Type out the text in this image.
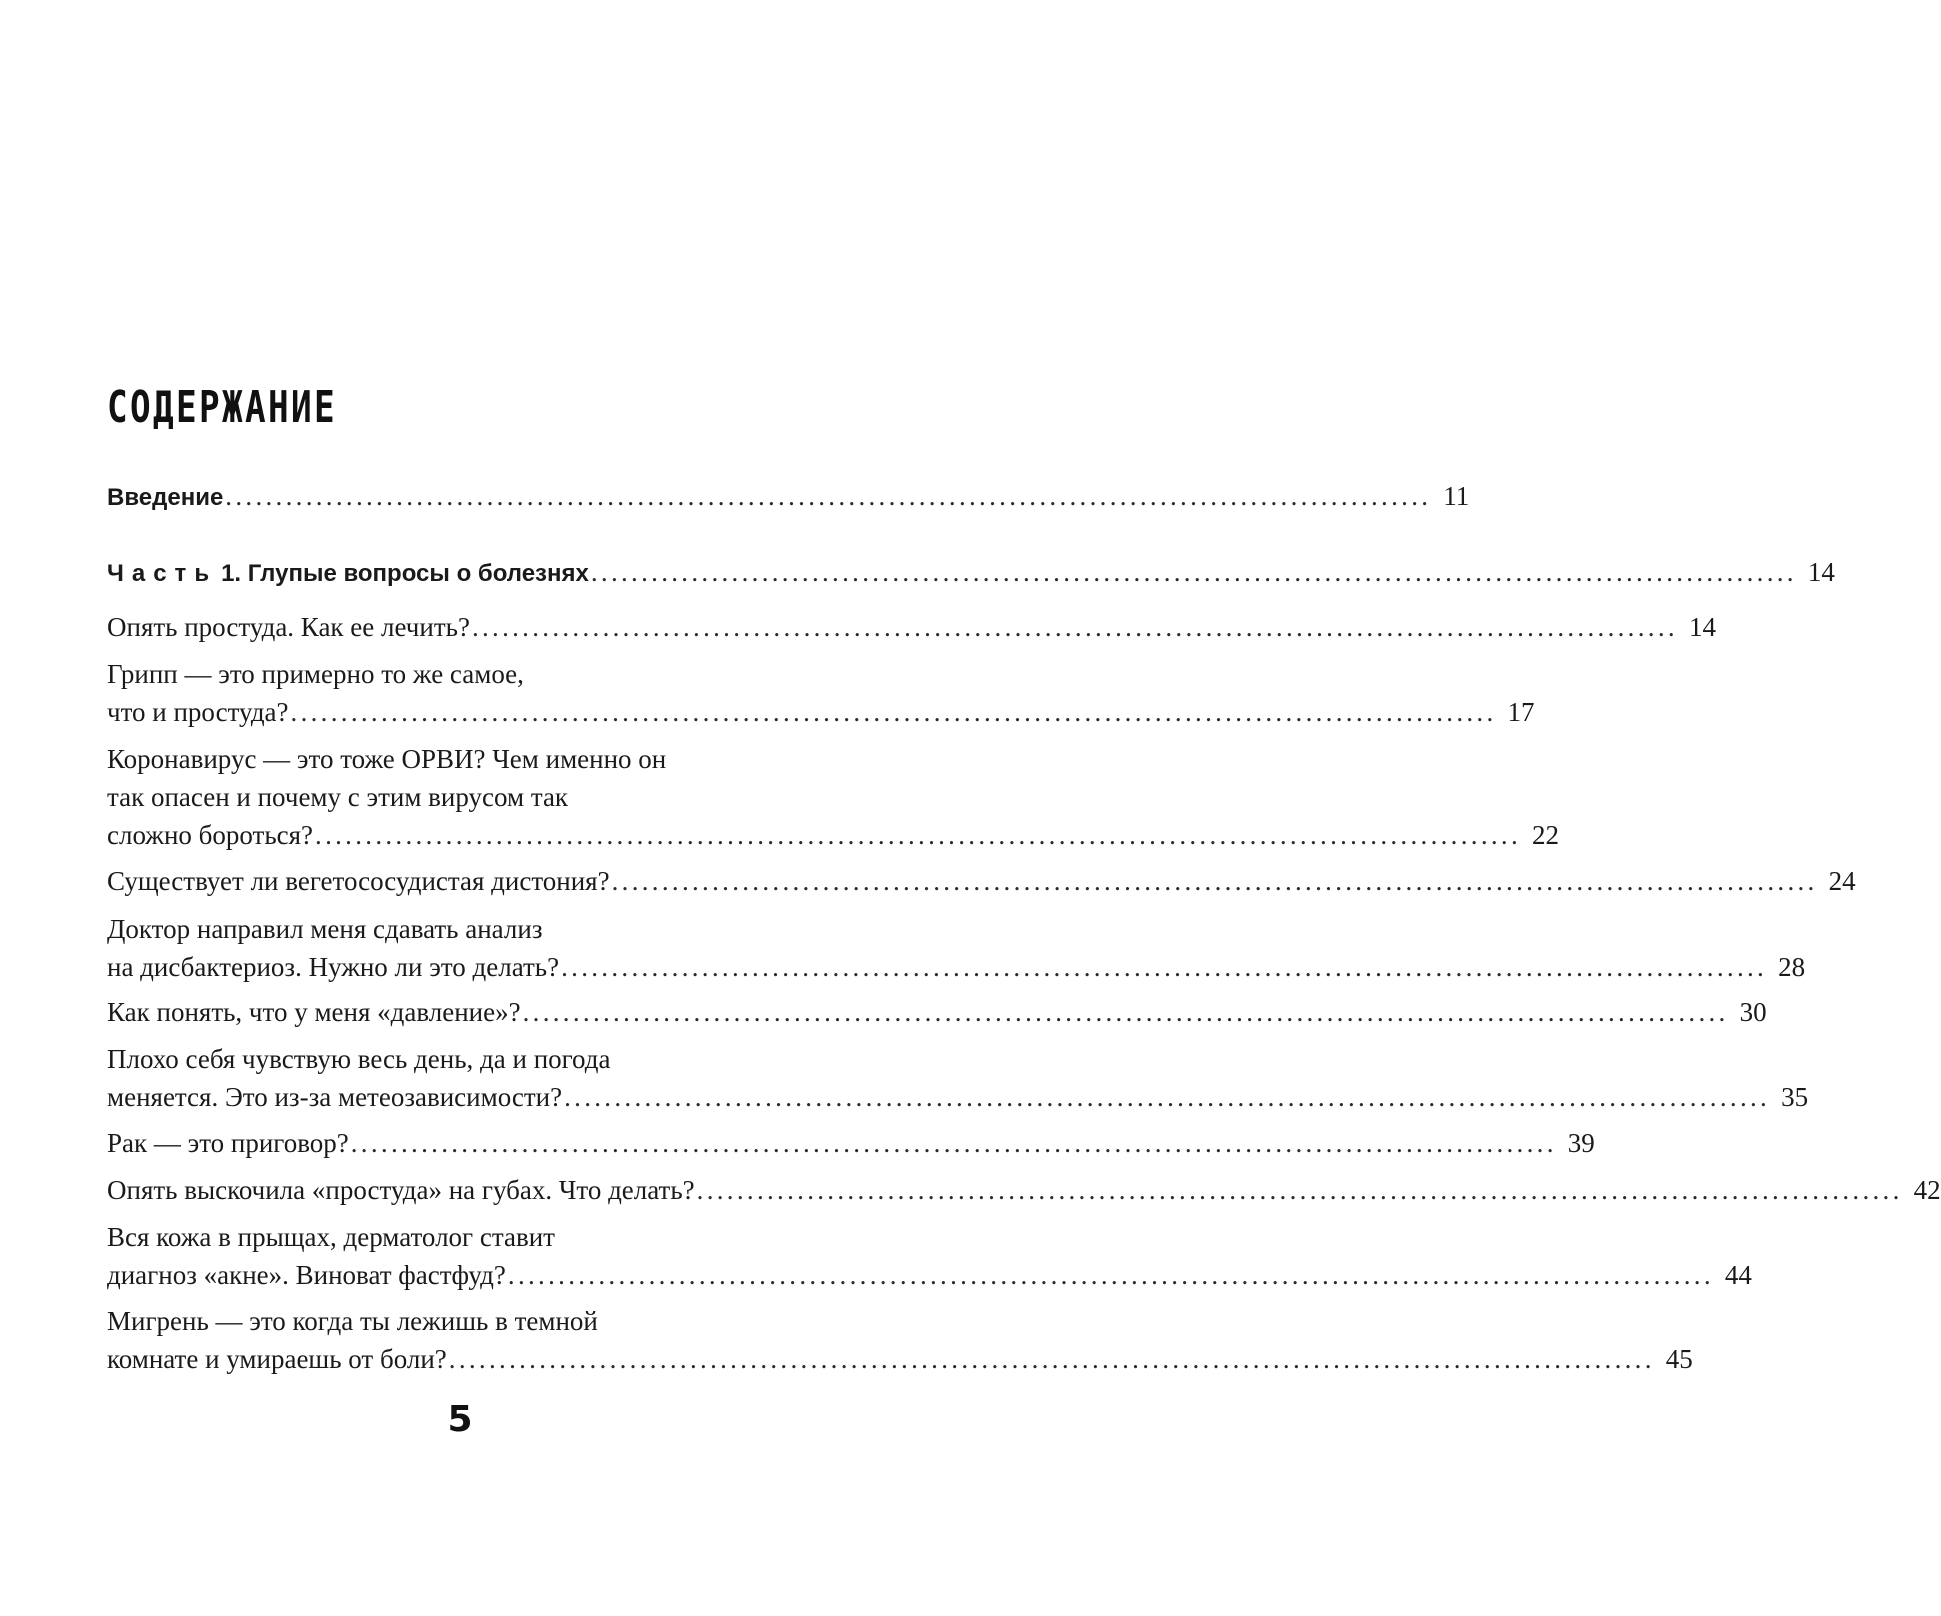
СОДЕРЖАНИЕ
Введение ........................................................................................................................ 11
Часть 1. Глупые вопросы о болезнях ........................................................................................................................ 14
Опять простуда. Как ее лечить? ........................................................................................................................ 14
Грипп — это примерно то же самое,
что и простуда? ........................................................................................................................ 17
Коронавирус — это тоже ОРВИ? Чем именно он
так опасен и почему с этим вирусом так
сложно бороться? ........................................................................................................................ 22
Существует ли вегетососудистая дистония? ........................................................................................................................ 24
Доктор направил меня сдавать анализ
на дисбактериоз. Нужно ли это делать? ........................................................................................................................ 28
Как понять, что у меня «давление»? ........................................................................................................................ 30
Плохо себя чувствую весь день, да и погода
меняется. Это из-за метеозависимости? ........................................................................................................................ 35
Рак — это приговор? ........................................................................................................................ 39
Опять выскочила «простуда» на губах. Что делать? ........................................................................................................................ 42
Вся кожа в прыщах, дерматолог ставит
диагноз «акне». Виноват фастфуд? ........................................................................................................................ 44
Мигрень — это когда ты лежишь в темной
комнате и умираешь от боли? ........................................................................................................................ 45
5
